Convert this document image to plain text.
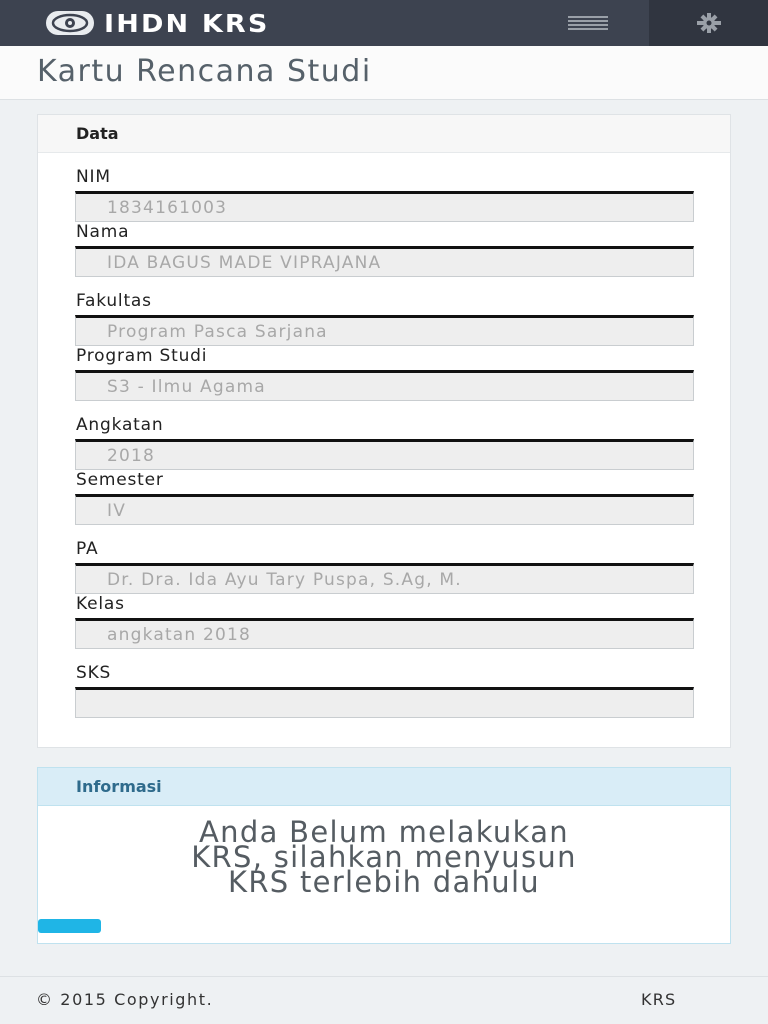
IHDN KRS
Kartu Rencana Studi
Data
NIM
1834161003
Nama
IDA BAGUS MADE VIPRAJANA
Fakultas
Program Pasca Sarjana
Program Studi
S3 - Ilmu Agama
Angkatan
2018
Semester
IV
PA
Dr. Dra. Ida Ayu Tary Puspa, S.Ag, M.
Kelas
angkatan 2018
SKS
Informasi
Anda Belum melakukan
KRS, silahkan menyusun
KRS terlebih dahulu
© 2015 Copyright.	KRS
